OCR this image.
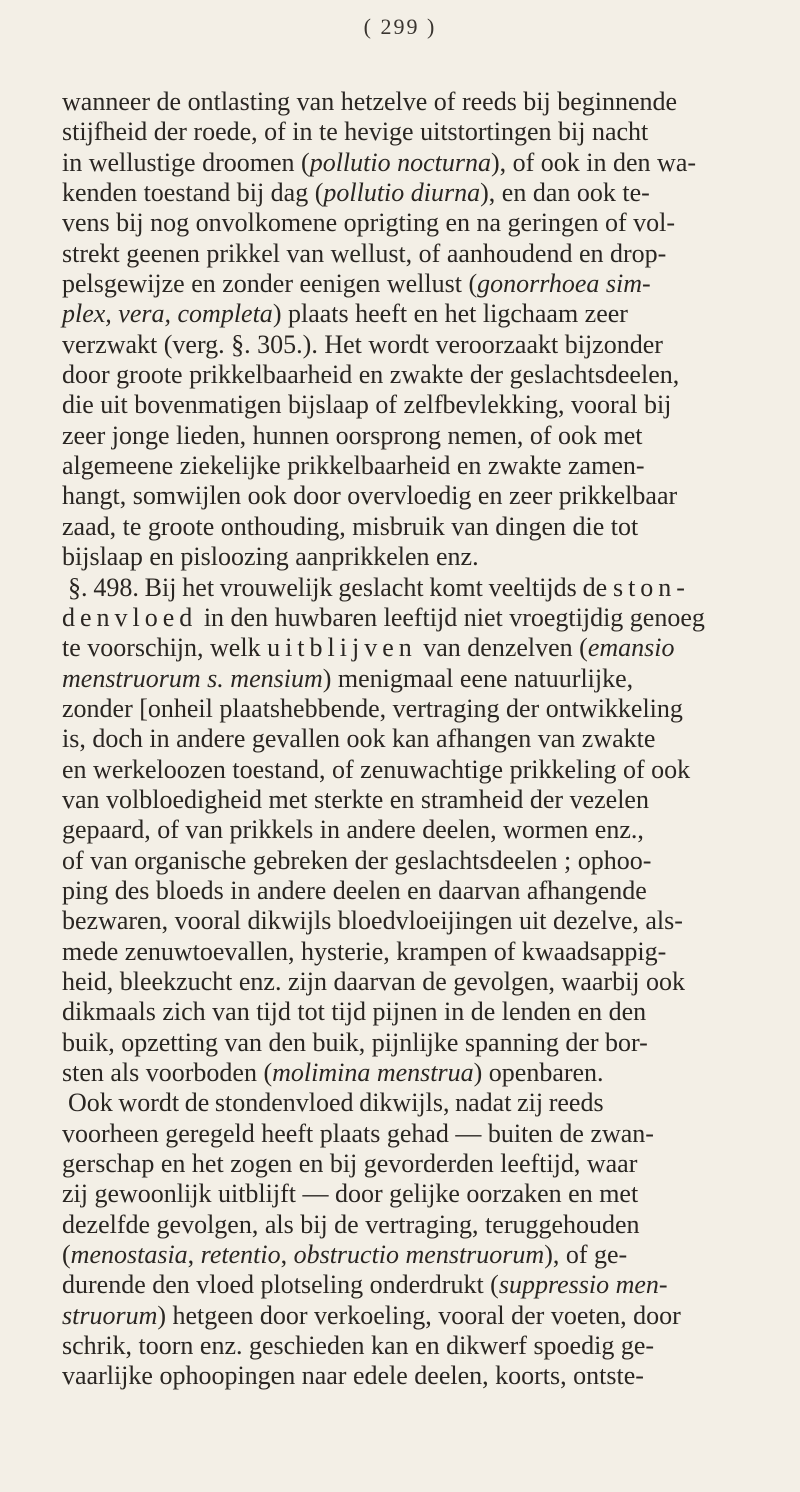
( 299 )
wanneer de ontlasting van hetzelve of reeds bij beginnende
stijfheid der roede, of in te hevige uitstortingen bij nacht
in wellustige droomen (pollutio nocturna), of ook in den wa-
kenden toestand bij dag (pollutio diurna), en dan ook te-
vens bij nog onvolkomene oprigting en na geringen of vol-
strekt geenen prikkel van wellust, of aanhoudend en drop-
pelsgewijze en zonder eenigen wellust (gonorrhoea sim-
plex, vera, completa) plaats heeft en het ligchaam zeer
verzwakt (verg. §. 305.). Het wordt veroorzaakt bijzonder
door groote prikkelbaarheid en zwakte der geslachtsdeelen,
die uit bovenmatigen bijslaap of zelfbevlekking, vooral bij
zeer jonge lieden, hunnen oorsprong nemen, of ook met
algemeene ziekelijke prikkelbaarheid en zwakte zamen-
hangt, somwijlen ook door overvloedig en zeer prikkelbaar
zaad, te groote onthouding, misbruik van dingen die tot
bijslaap en pisloozing aanprikkelen enz.
§. 498. Bij het vrouwelijk geslacht komt veeltijds de ston-
denvloed in den huwbaren leeftijd niet vroegtijdig genoeg
te voorschijn, welk uitblijven van denzelven (emansio
menstruorum s. mensium) menigmaal eene natuurlijke,
zonder [onheil plaatshebbende, vertraging der ontwikkeling
is, doch in andere gevallen ook kan afhangen van zwakte
en werkeloozen toestand, of zenuwachtige prikkeling of ook
van volbloedigheid met sterkte en stramheid der vezelen
gepaard, of van prikkels in andere deelen, wormen enz.,
of van organische gebreken der geslachtsdeelen ; ophoo-
ping des bloeds in andere deelen en daarvan afhangende
bezwaren, vooral dikwijls bloedvloeijingen uit dezelve, als-
mede zenuwtoevallen, hysterie, krampen of kwaadsappig-
heid, bleekzucht enz. zijn daarvan de gevolgen, waarbij ook
dikmaals zich van tijd tot tijd pijnen in de lenden en den
buik, opzetting van den buik, pijnlijke spanning der bor-
sten als voorboden (molimina menstrua) openbaren.
Ook wordt de stondenvloed dikwijls, nadat zij reeds
voorheen geregeld heeft plaats gehad — buiten de zwan-
gerschap en het zogen en bij gevorderden leeftijd, waar
zij gewoonlijk uitblijft — door gelijke oorzaken en met
dezelfde gevolgen, als bij de vertraging, teruggehouden
(menostasia, retentio, obstructio menstruorum), of ge-
durende den vloed plotseling onderdrukt (suppressio men-
struorum) hetgeen door verkoeling, vooral der voeten, door
schrik, toorn enz. geschieden kan en dikwerf spoedig ge-
vaarlijke ophoopingen naar edele deelen, koorts, ontste-
